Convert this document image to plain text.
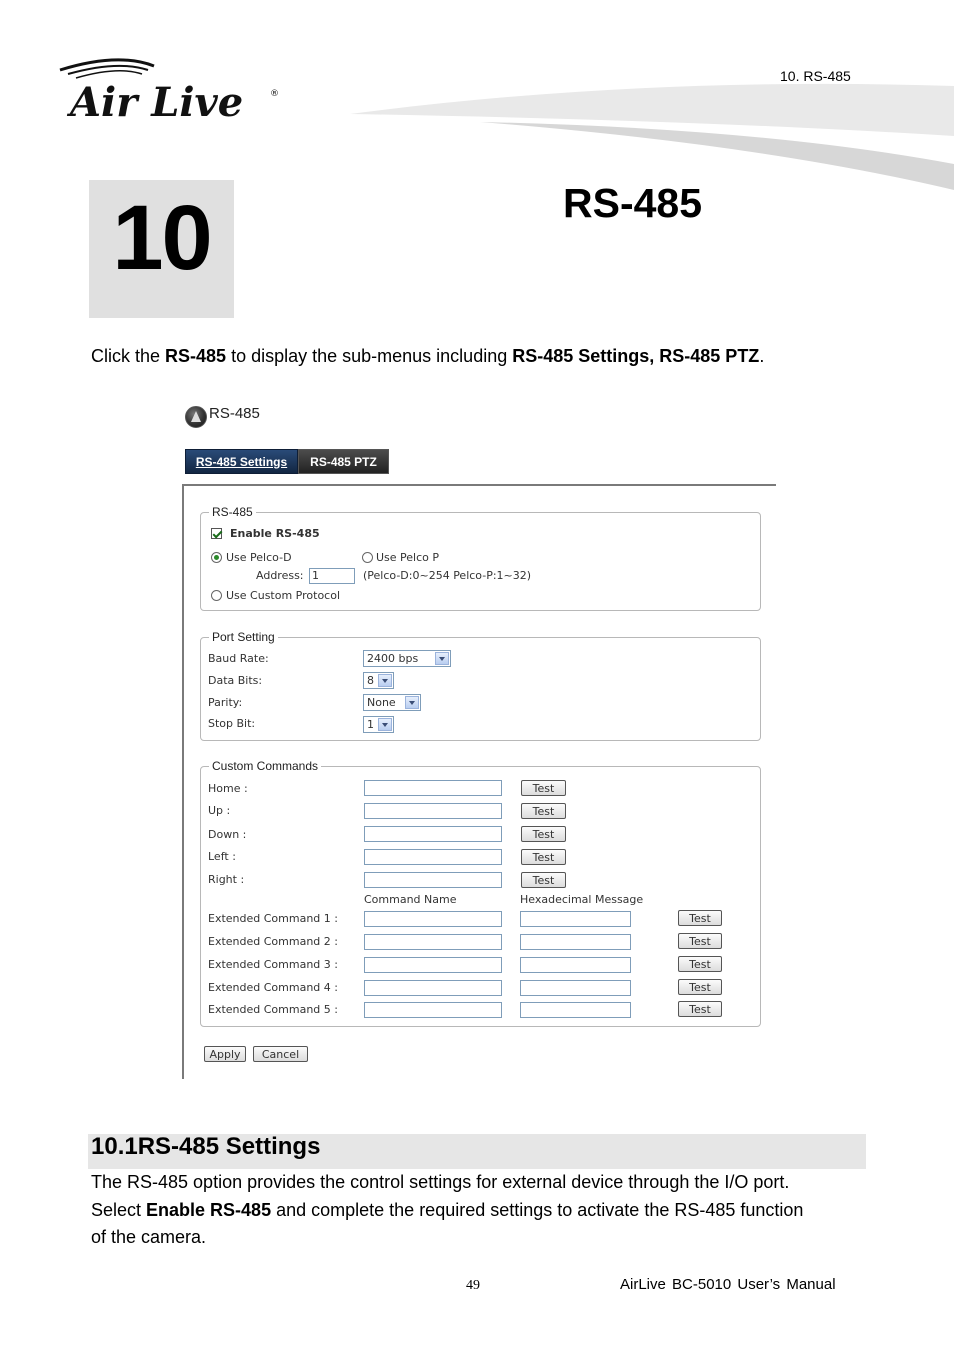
Air Live	®
10. RS-485
10	RS-485
Click the RS-485 to display the sub-menus including RS-485 Settings, RS-485 PTZ.
RS-485
RS-485 Settings RS-485 PTZ
RS-485
Enable RS-485
Use Pelco-D	Use Pelco P
Address: 1	(Pelco-D:0~254 Pelco-P:1~32)
Use Custom Protocol
Port Setting
Baud Rate:	2400 bps
Data Bits:	8
Parity:	None
Stop Bit:	1
Custom Commands
Home :	Test
Up :	Test
Down :	Test
Left :	Test
Right :	Test
Command Name	Hexadecimal Message
Extended Command 1 :	Test
Extended Command 2 :	Test
Extended Command 3 :	Test
Extended Command 4 :	Test
Extended Command 5 :	Test
Apply	Cancel
10.1RS-485 Settings
The RS-485 option provides the control settings for external device through the I/O port.
Select Enable RS-485 and complete the required settings to activate the RS-485 function
of the camera.
49	AirLive BC-5010 User’s Manual
